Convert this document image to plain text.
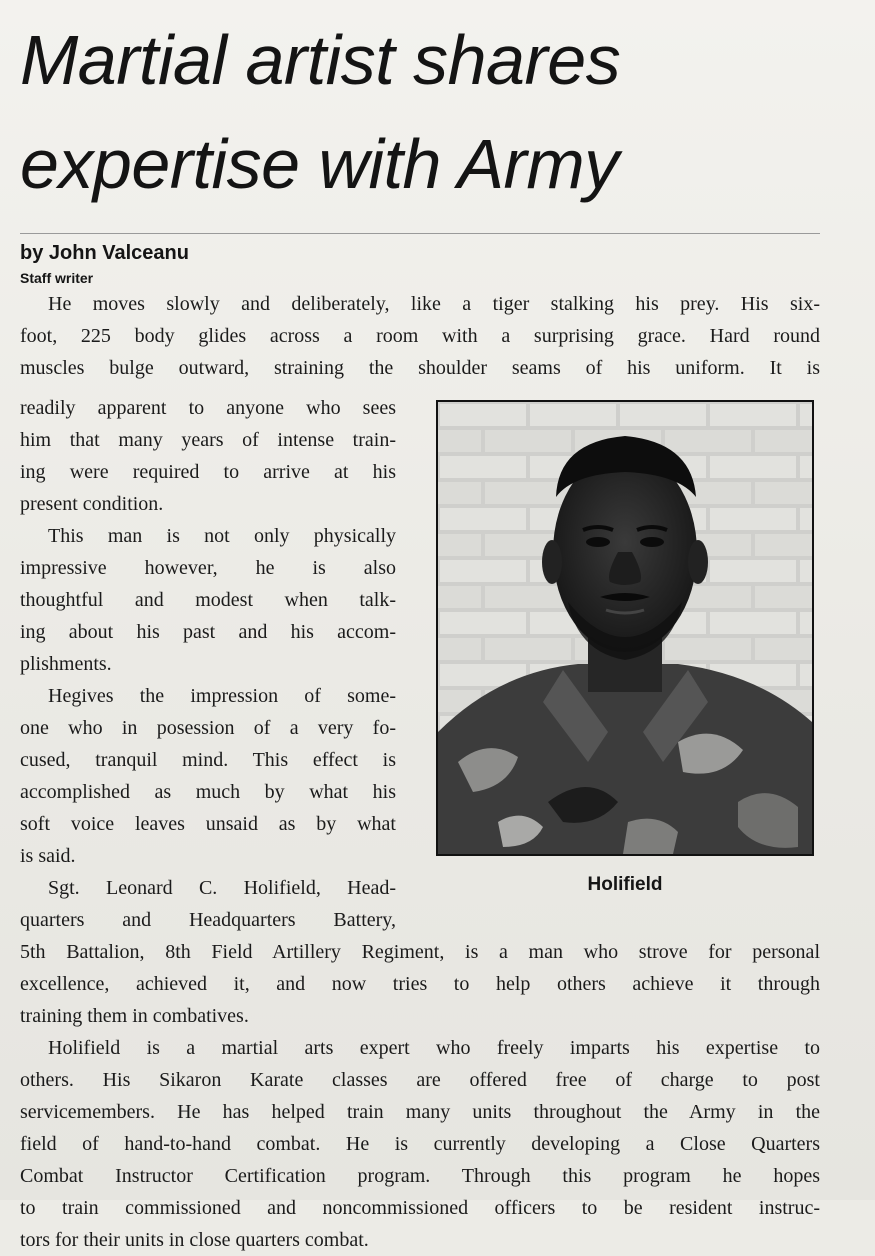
Martial artist shares
expertise with Army
by John Valceanu
Staff writer
He moves slowly and deliberately, like a tiger stalking his prey. His six-
foot, 225 body glides across a room with a surprising grace. Hard round
muscles bulge outward, straining the shoulder seams of his uniform. It is
readily apparent to anyone who sees
him that many years of intense train-
ing were required to arrive at his
present condition.
This man is not only physically
impressive however, he is also
thoughtful and modest when talk-
ing about his past and his accom-
plishments.
Hegives the impression of some-
one who in posession of a very fo-
cused, tranquil mind. This effect is
accomplished as much by what his
soft voice leaves unsaid as by what
is said.
Sgt. Leonard C. Holifield, Head-
quarters and Headquarters Battery,
5th Battalion, 8th Field Artillery Regiment, is a man who strove for personal
excellence, achieved it, and now tries to help others achieve it through
training them in combatives.
Holifield is a martial arts expert who freely imparts his expertise to
others. His Sikaron Karate classes are offered free of charge to post
servicemembers. He has helped train many units throughout the Army in the
field of hand-to-hand combat. He is currently developing a Close Quarters
Combat Instructor Certification program. Through this program he hopes
to train commissioned and noncommissioned officers to be resident instruc-
tors for their units in close quarters combat.
Holifield
